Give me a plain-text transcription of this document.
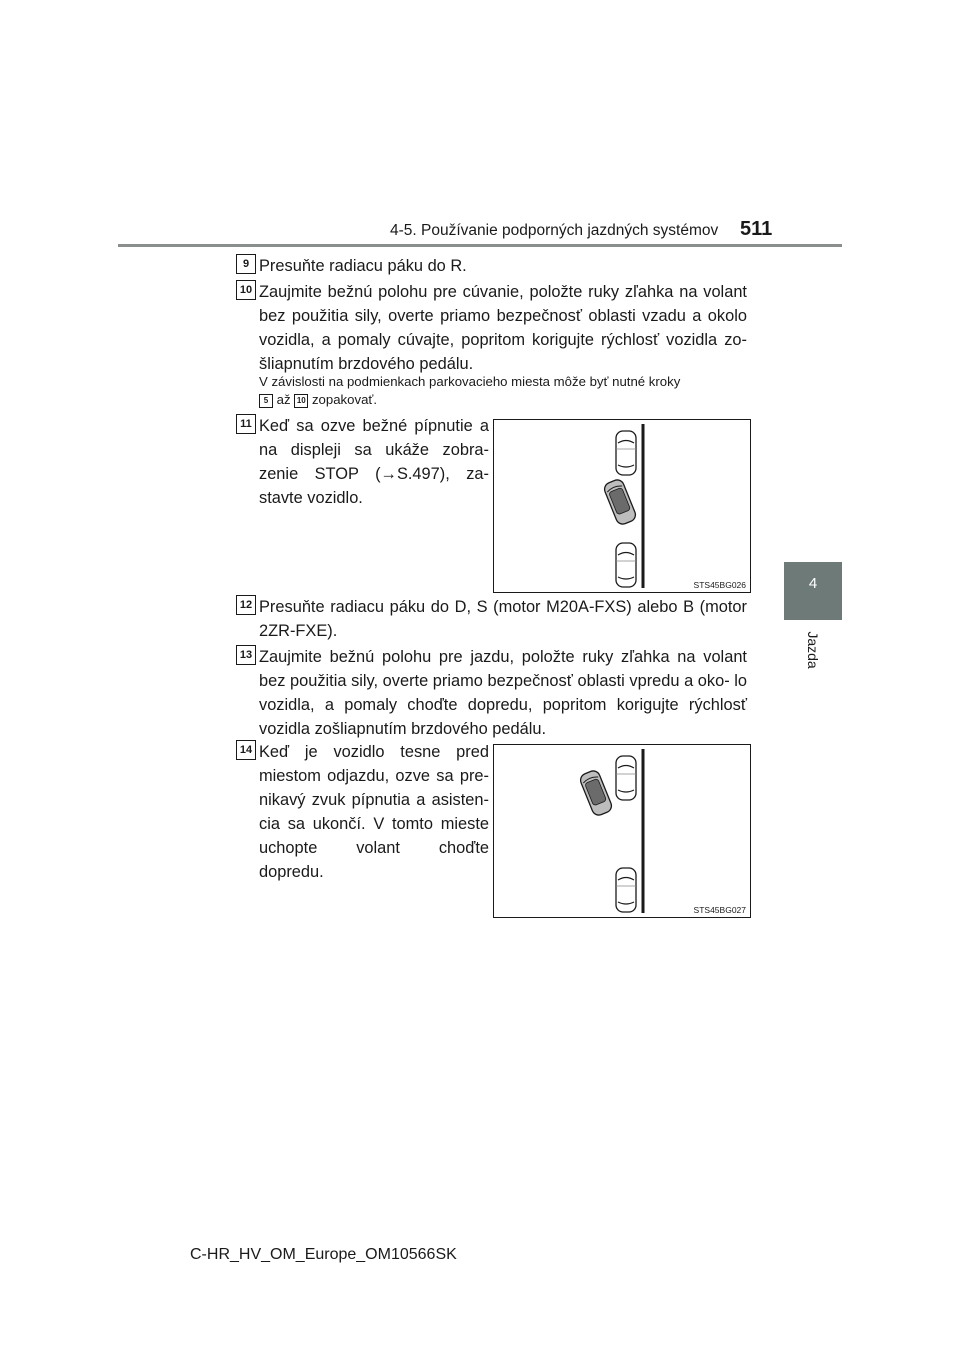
4-5. Používanie podporných jazdných systémov 511
4
Jazda
9 Presuňte radiacu páku do R.
10 Zaujmite bežnú polohu pre cúvanie, položte ruky zľahka na volant bez použitia sily, overte priamo bezpečnosť oblasti vzadu a okolo vozidla, a pomaly cúvajte, popritom korigujte rýchlosť vozidla zo- šliapnutím brzdového pedálu.
V závislosti na podmienkach parkovacieho miesta môže byť nutné kroky
5 až 10 zopakovať.
11 Keď sa ozve bežné pípnutie a na displeji sa ukáže zobra- zenie STOP (→S.497), za- stavte vozidlo.
STS45BG026
12 Presuňte radiacu páku do D, S (motor M20A-FXS) alebo B (motor 2ZR-FXE).
13 Zaujmite bežnú polohu pre jazdu, položte ruky zľahka na volant bez použitia sily, overte priamo bezpečnosť oblasti vpredu a oko- lo vozidla, a pomaly choďte dopredu, popritom korigujte rýchlosť vozidla zošliapnutím brzdového pedálu.
14 Keď je vozidlo tesne pred miestom odjazdu, ozve sa pre- nikavý zvuk pípnutia a asisten- cia sa ukončí. V tomto mieste uchopte volant choďte dopredu.
STS45BG027
C-HR_HV_OM_Europe_OM10566SK
